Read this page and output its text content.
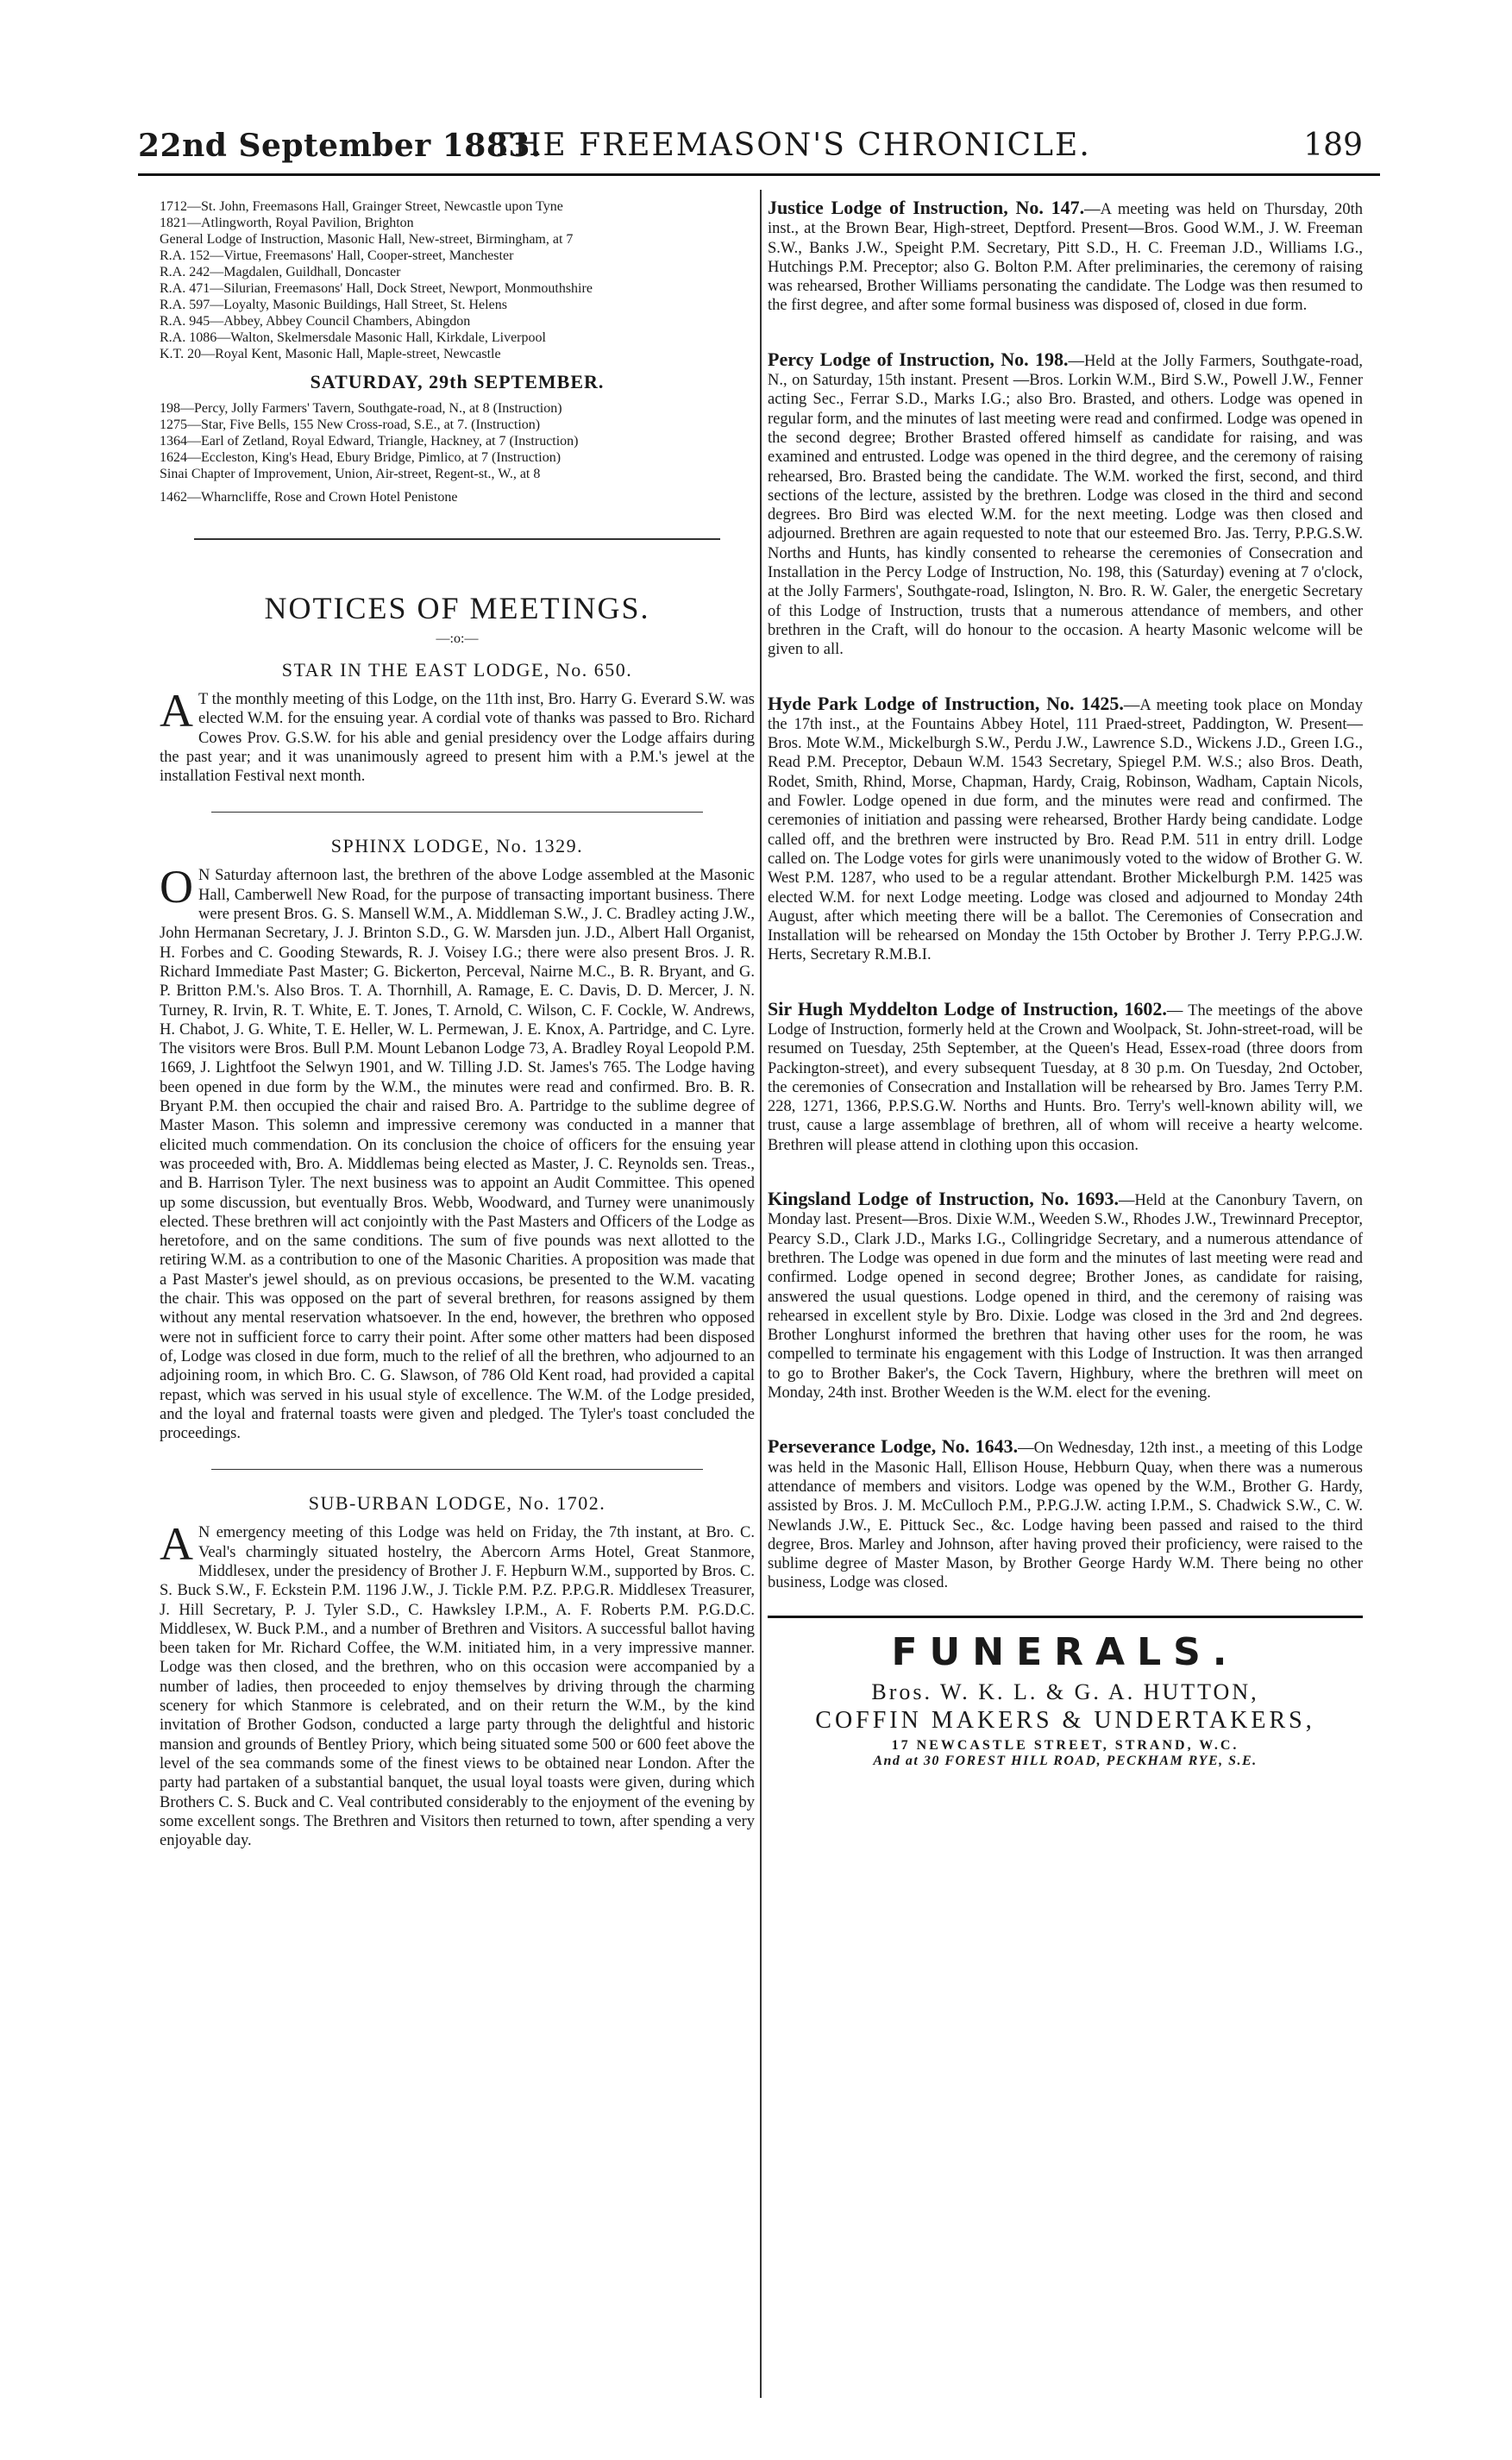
22nd September 1883.
THE FREEMASON'S CHRONICLE.	189
1712—St. John, Freemasons Hall, Grainger Street, Newcastle upon Tyne
1821—Atlingworth, Royal Pavilion, Brighton
General Lodge of Instruction, Masonic Hall, New-street, Birmingham, at 7
R.A. 152—Virtue, Freemasons' Hall, Cooper-street, Manchester
R.A. 242—Magdalen, Guildhall, Doncaster
R.A. 471—Silurian, Freemasons' Hall, Dock Street, Newport, Monmouthshire
R.A. 597—Loyalty, Masonic Buildings, Hall Street, St. Helens
R.A. 945—Abbey, Abbey Council Chambers, Abingdon
R.A. 1086—Walton, Skelmersdale Masonic Hall, Kirkdale, Liverpool
K.T. 20—Royal Kent, Masonic Hall, Maple-street, Newcastle
SATURDAY, 29th SEPTEMBER.
198—Percy, Jolly Farmers' Tavern, Southgate-road, N., at 8 (Instruction)
1275—Star, Five Bells, 155 New Cross-road, S.E., at 7. (Instruction)
1364—Earl of Zetland, Royal Edward, Triangle, Hackney, at 7 (Instruction)
1624—Eccleston, King's Head, Ebury Bridge, Pimlico, at 7 (Instruction)
Sinai Chapter of Improvement, Union, Air-street, Regent-st., W., at 8
1462—Wharncliffe, Rose and Crown Hotel Penistone
NOTICES OF MEETINGS.
—:o:—
STAR IN THE EAST LODGE, No. 650.
A T the monthly meeting of this Lodge, on the 11th inst, Bro. Harry G. Everard S.W. was elected W.M. for the ensuing year. A cordial vote of thanks was passed to Bro. Richard Cowes Prov. G.S.W. for his able and genial presidency over the Lodge affairs during the past year; and it was unanimously agreed to present him with a P.M.'s jewel at the installation Festival next month.
SPHINX LODGE, No. 1329.
O N Saturday afternoon last, the brethren of the above Lodge assembled at the Masonic Hall, Camberwell New Road, for the purpose of transacting important business. There were present Bros. G. S. Mansell W.M., A. Middleman S.W., J. C. Bradley acting J.W., John Hermanan Secretary, J. J. Brinton S.D., G. W. Marsden jun. J.D., Albert Hall Organist, H. Forbes and C. Gooding Stewards, R. J. Voisey I.G.; there were also present Bros. J. R. Richard Immediate Past Master; G. Bickerton, Perceval, Nairne M.C., B. R. Bryant, and G. P. Britton P.M.'s. Also Bros. T. A. Thornhill, A. Ramage, E. C. Davis, D. D. Mercer, J. N. Turney, R. Irvin, R. T. White, E. T. Jones, T. Arnold, C. Wilson, C. F. Cockle, W. Andrews, H. Chabot, J. G. White, T. E. Heller, W. L. Permewan, J. E. Knox, A. Partridge, and C. Lyre. The visitors were Bros. Bull P.M. Mount Lebanon Lodge 73, A. Bradley Royal Leopold P.M. 1669, J. Lightfoot the Selwyn 1901, and W. Tilling J.D. St. James's 765. The Lodge having been opened in due form by the W.M., the minutes were read and confirmed. Bro. B. R. Bryant P.M. then occupied the chair and raised Bro. A. Partridge to the sublime degree of Master Mason. This solemn and impressive ceremony was conducted in a manner that elicited much commendation. On its conclusion the choice of officers for the ensuing year was proceeded with, Bro. A. Middlemas being elected as Master, J. C. Reynolds sen. Treas., and B. Harrison Tyler. The next business was to appoint an Audit Committee. This opened up some discussion, but eventually Bros. Webb, Woodward, and Turney were unanimously elected. These brethren will act conjointly with the Past Masters and Officers of the Lodge as heretofore, and on the same conditions. The sum of five pounds was next allotted to the retiring W.M. as a contribution to one of the Masonic Charities. A proposition was made that a Past Master's jewel should, as on previous occasions, be presented to the W.M. vacating the chair. This was opposed on the part of several brethren, for reasons assigned by them without any mental reservation whatsoever. In the end, however, the brethren who opposed were not in sufficient force to carry their point. After some other matters had been disposed of, Lodge was closed in due form, much to the relief of all the brethren, who adjourned to an adjoining room, in which Bro. C. G. Slawson, of 786 Old Kent road, had provided a capital repast, which was served in his usual style of excellence. The W.M. of the Lodge presided, and the loyal and fraternal toasts were given and pledged. The Tyler's toast concluded the proceedings.
SUB-URBAN LODGE, No. 1702.
A N emergency meeting of this Lodge was held on Friday, the 7th instant, at Bro. C. Veal's charmingly situated hostelry, the Abercorn Arms Hotel, Great Stanmore, Middlesex, under the presidency of Brother J. F. Hepburn W.M., supported by Bros. C. S. Buck S.W., F. Eckstein P.M. 1196 J.W., J. Tickle P.M. P.Z. P.P.G.R. Middlesex Treasurer, J. Hill Secretary, P. J. Tyler S.D., C. Hawksley I.P.M., A. F. Roberts P.M. P.G.D.C. Middlesex, W. Buck P.M., and a number of Brethren and Visitors. A successful ballot having been taken for Mr. Richard Coffee, the W.M. initiated him, in a very impressive manner. Lodge was then closed, and the brethren, who on this occasion were accompanied by a number of ladies, then proceeded to enjoy themselves by driving through the charming scenery for which Stanmore is celebrated, and on their return the W.M., by the kind invitation of Brother Godson, conducted a large party through the delightful and historic mansion and grounds of Bentley Priory, which being situated some 500 or 600 feet above the level of the sea commands some of the finest views to be obtained near London. After the party had partaken of a substantial banquet, the usual loyal toasts were given, during which Brothers C. S. Buck and C. Veal contributed considerably to the enjoyment of the evening by some excellent songs. The Brethren and Visitors then returned to town, after spending a very enjoyable day.
Justice Lodge of Instruction, No. 147.—A meeting was held on Thursday, 20th inst., at the Brown Bear, High-street, Deptford. Present—Bros. Good W.M., J. W. Freeman S.W., Banks J.W., Speight P.M. Secretary, Pitt S.D., H. C. Freeman J.D., Williams I.G., Hutchings P.M. Preceptor; also G. Bolton P.M. After preliminaries, the ceremony of raising was rehearsed, Brother Williams personating the candidate. The Lodge was then resumed to the first degree, and after some formal business was disposed of, closed in due form.
Percy Lodge of Instruction, No. 198.—Held at the Jolly Farmers, Southgate-road, N., on Saturday, 15th instant. Present —Bros. Lorkin W.M., Bird S.W., Powell J.W., Fenner acting Sec., Ferrar S.D., Marks I.G.; also Bro. Brasted, and others. Lodge was opened in regular form, and the minutes of last meeting were read and confirmed. Lodge was opened in the second degree; Brother Brasted offered himself as candidate for raising, and was examined and entrusted. Lodge was opened in the third degree, and the ceremony of raising rehearsed, Bro. Brasted being the candidate. The W.M. worked the first, second, and third sections of the lecture, assisted by the brethren. Lodge was closed in the third and second degrees. Bro Bird was elected W.M. for the next meeting. Lodge was then closed and adjourned. Brethren are again requested to note that our esteemed Bro. Jas. Terry, P.P.G.S.W. Norths and Hunts, has kindly consented to rehearse the ceremonies of Consecration and Installation in the Percy Lodge of Instruction, No. 198, this (Saturday) evening at 7 o'clock, at the Jolly Farmers', Southgate-road, Islington, N. Bro. R. W. Galer, the energetic Secretary of this Lodge of Instruction, trusts that a numerous attendance of members, and other brethren in the Craft, will do honour to the occasion. A hearty Masonic welcome will be given to all.
Hyde Park Lodge of Instruction, No. 1425.—A meeting took place on Monday the 17th inst., at the Fountains Abbey Hotel, 111 Praed-street, Paddington, W. Present—Bros. Mote W.M., Mickelburgh S.W., Perdu J.W., Lawrence S.D., Wickens J.D., Green I.G., Read P.M. Preceptor, Debaun W.M. 1543 Secretary, Spiegel P.M. W.S.; also Bros. Death, Rodet, Smith, Rhind, Morse, Chapman, Hardy, Craig, Robinson, Wadham, Captain Nicols, and Fowler. Lodge opened in due form, and the minutes were read and confirmed. The ceremonies of initiation and passing were rehearsed, Brother Hardy being candidate. Lodge called off, and the brethren were instructed by Bro. Read P.M. 511 in entry drill. Lodge called on. The Lodge votes for girls were unanimously voted to the widow of Brother G. W. West P.M. 1287, who used to be a regular attendant. Brother Mickelburgh P.M. 1425 was elected W.M. for next Lodge meeting. Lodge was closed and adjourned to Monday 24th August, after which meeting there will be a ballot. The Ceremonies of Consecration and Installation will be rehearsed on Monday the 15th October by Brother J. Terry P.P.G.J.W. Herts, Secretary R.M.B.I.
Sir Hugh Myddelton Lodge of Instruction, 1602.— The meetings of the above Lodge of Instruction, formerly held at the Crown and Woolpack, St. John-street-road, will be resumed on Tuesday, 25th September, at the Queen's Head, Essex-road (three doors from Packington-street), and every subsequent Tuesday, at 8 30 p.m. On Tuesday, 2nd October, the ceremonies of Consecration and Installation will be rehearsed by Bro. James Terry P.M. 228, 1271, 1366, P.P.S.G.W. Norths and Hunts. Bro. Terry's well-known ability will, we trust, cause a large assemblage of brethren, all of whom will receive a hearty welcome. Brethren will please attend in clothing upon this occasion.
Kingsland Lodge of Instruction, No. 1693.—Held at the Canonbury Tavern, on Monday last. Present—Bros. Dixie W.M., Weeden S.W., Rhodes J.W., Trewinnard Preceptor, Pearcy S.D., Clark J.D., Marks I.G., Collingridge Secretary, and a numerous attendance of brethren. The Lodge was opened in due form and the minutes of last meeting were read and confirmed. Lodge opened in second degree; Brother Jones, as candidate for raising, answered the usual questions. Lodge opened in third, and the ceremony of raising was rehearsed in excellent style by Bro. Dixie. Lodge was closed in the 3rd and 2nd degrees. Brother Longhurst informed the brethren that having other uses for the room, he was compelled to terminate his engagement with this Lodge of Instruction. It was then arranged to go to Brother Baker's, the Cock Tavern, Highbury, where the brethren will meet on Monday, 24th inst. Brother Weeden is the W.M. elect for the evening.
Perseverance Lodge, No. 1643.—On Wednesday, 12th inst., a meeting of this Lodge was held in the Masonic Hall, Ellison House, Hebburn Quay, when there was a numerous attendance of members and visitors. Lodge was opened by the W.M., Brother G. Hardy, assisted by Bros. J. M. McCulloch P.M., P.P.G.J.W. acting I.P.M., S. Chadwick S.W., C. W. Newlands J.W., E. Pittuck Sec., &c. Lodge having been passed and raised to the third degree, Bros. Marley and Johnson, after having proved their proficiency, were raised to the sublime degree of Master Mason, by Brother George Hardy W.M. There being no other business, Lodge was closed.
FUNERALS.
Bros. W. K. L. & G. A. HUTTON,
COFFIN MAKERS & UNDERTAKERS,
17 NEWCASTLE STREET, STRAND, W.C.
And at 30 FOREST HILL ROAD, PECKHAM RYE, S.E.
